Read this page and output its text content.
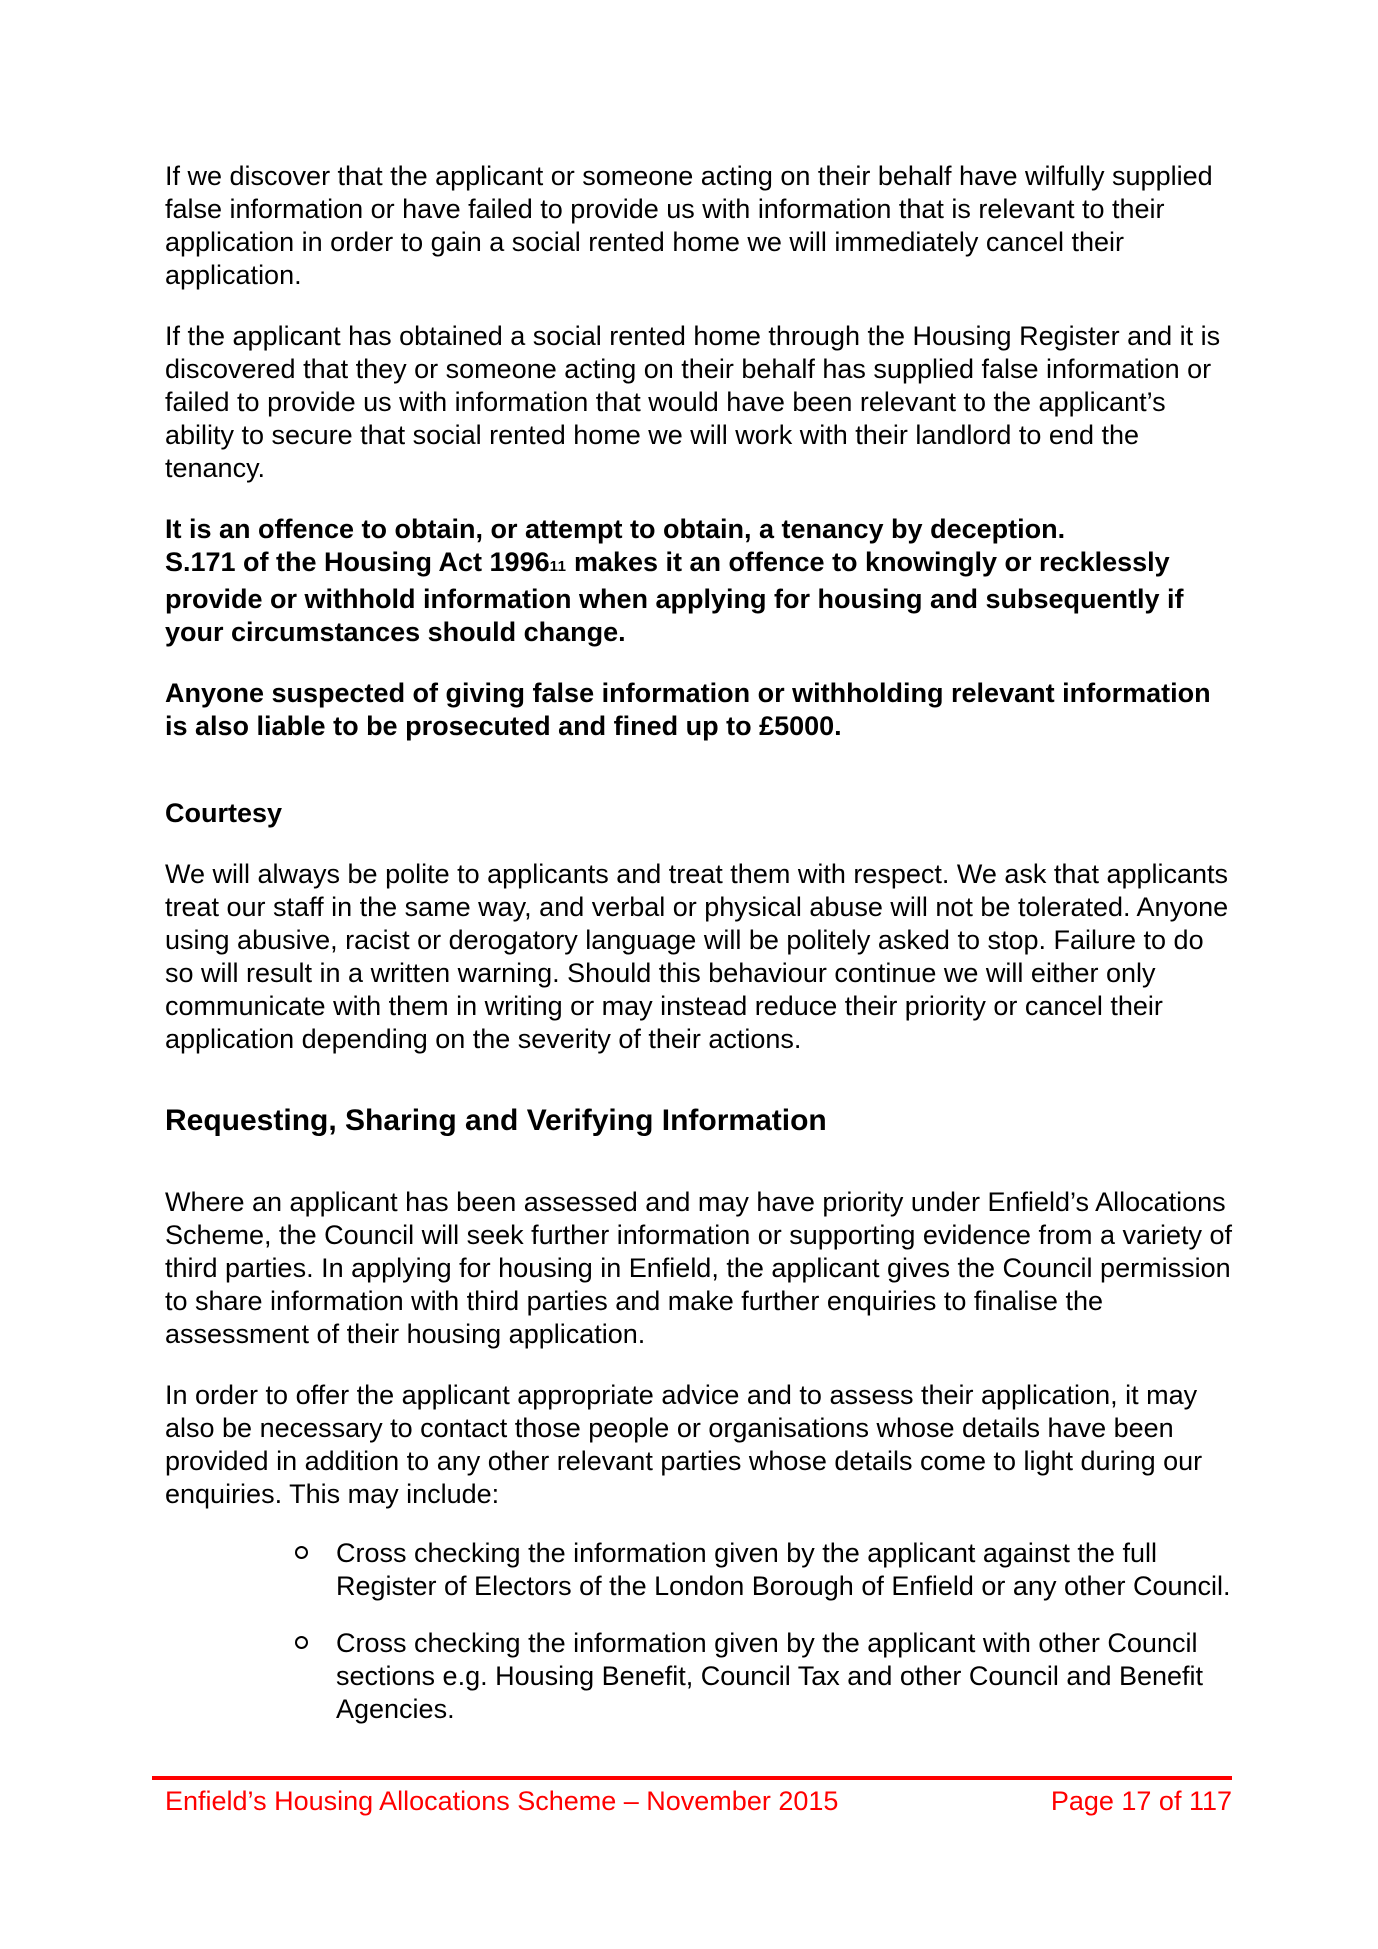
If we discover that the applicant or someone acting on their behalf have wilfully supplied false information or have failed to provide us with information that is relevant to their application in order to gain a social rented home we will immediately cancel their application.

If the applicant has obtained a social rented home through the Housing Register and it is discovered that they or someone acting on their behalf has supplied false information or failed to provide us with information that would have been relevant to the applicant’s ability to secure that social rented home we will work with their landlord to end the tenancy.

It is an offence to obtain, or attempt to obtain, a tenancy by deception.
S.171 of the Housing Act 199611 makes it an offence to knowingly or recklessly provide or withhold information when applying for housing and subsequently if your circumstances should change.

Anyone suspected of giving false information or withholding relevant information is also liable to be prosecuted and fined up to £5000.

Courtesy

We will always be polite to applicants and treat them with respect. We ask that applicants treat our staff in the same way, and verbal or physical abuse will not be tolerated. Anyone using abusive, racist or derogatory language will be politely asked to stop. Failure to do so will result in a written warning. Should this behaviour continue we will either only communicate with them in writing or may instead reduce their priority or cancel their application depending on the severity of their actions.

Requesting, Sharing and Verifying Information

Where an applicant has been assessed and may have priority under Enfield’s Allocations Scheme, the Council will seek further information or supporting evidence from a variety of third parties. In applying for housing in Enfield, the applicant gives the Council permission to share information with third parties and make further enquiries to finalise the assessment of their housing application.

In order to offer the applicant appropriate advice and to assess their application, it may also be necessary to contact those people or organisations whose details have been provided in addition to any other relevant parties whose details come to light during our enquiries. This may include:

Cross checking the information given by the applicant against the full Register of Electors of the London Borough of Enfield or any other Council.
Cross checking the information given by the applicant with other Council sections e.g. Housing Benefit, Council Tax and other Council and Benefit Agencies.
Enfield’s Housing Allocations Scheme – November 2015	Page 17 of 117
